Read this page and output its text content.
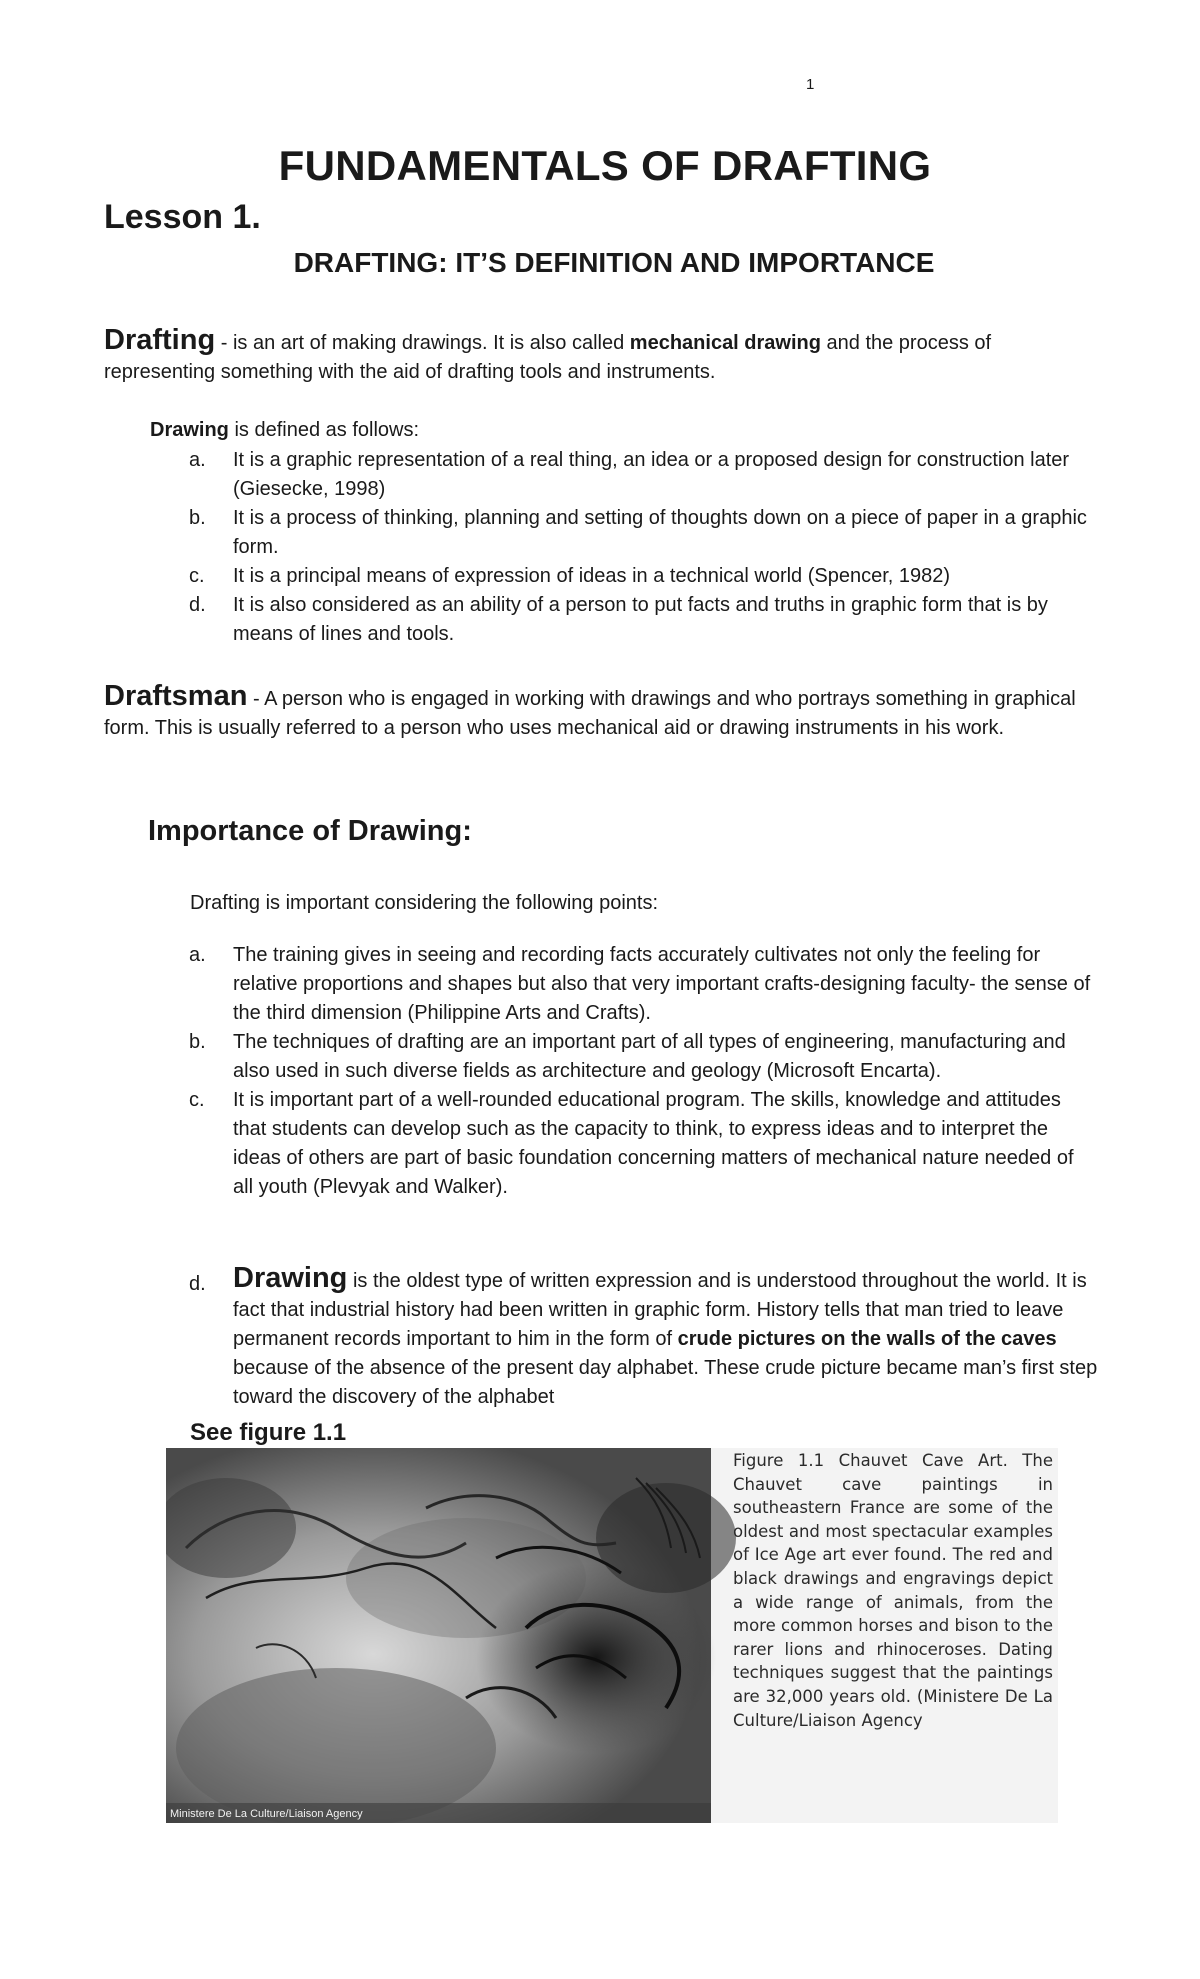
1
FUNDAMENTALS OF DRAFTING
Lesson 1.
DRAFTING: IT’S DEFINITION AND IMPORTANCE

Drafting - is an art of making drawings. It is also called mechanical drawing and the process of representing something with the aid of drafting tools and instruments.

Drawing is defined as follows:

a. It is a graphic representation of a real thing, an idea or a proposed design for construction later (Giesecke, 1998)
b. It is a process of thinking, planning and setting of thoughts down on a piece of paper in a graphic form.
c. It is a principal means of expression of ideas in a technical world (Spencer, 1982)
d. It is also considered as an ability of a person to put facts and truths in graphic form that is by means of lines and tools.

Draftsman - A person who is engaged in working with drawings and who portrays something in graphical form. This is usually referred to a person who uses mechanical aid or drawing instruments in his work.

Importance of Drawing:

Drafting is important considering the following points:

a. The training gives in seeing and recording facts accurately cultivates not only the feeling for relative proportions and shapes but also that very important crafts-designing faculty- the sense of the third dimension (Philippine Arts and Crafts).
b. The techniques of drafting are an important part of all types of engineering, manufacturing and also used in such diverse fields as architecture and geology (Microsoft Encarta).
c. It is important part of a well-rounded educational program. The skills, knowledge and attitudes that students can develop such as the capacity to think, to express ideas and to interpret the ideas of others are part of basic foundation concerning matters of mechanical nature needed of all youth (Plevyak and Walker).
d. Drawing is the oldest type of written expression and is understood throughout the world. It is fact that industrial history had been written in graphic form. History tells that man tried to leave permanent records important to him in the form of crude pictures on the walls of the caves because of the absence of the present day alphabet. These crude picture became man’s first step toward the discovery of the alphabet

See figure 1.1

Figure 1.1 Chauvet Cave Art. The Chauvet cave paintings in southeastern France are some of the oldest and most spectacular examples of Ice Age art ever found. The red and black drawings and engravings depict a wide range of animals, from the more common horses and bison to the rarer lions and rhinoceroses. Dating techniques suggest that the paintings are 32,000 years old. (Ministere De La Culture/Liaison Agency

Ministere De La Culture/Liaison Agency
